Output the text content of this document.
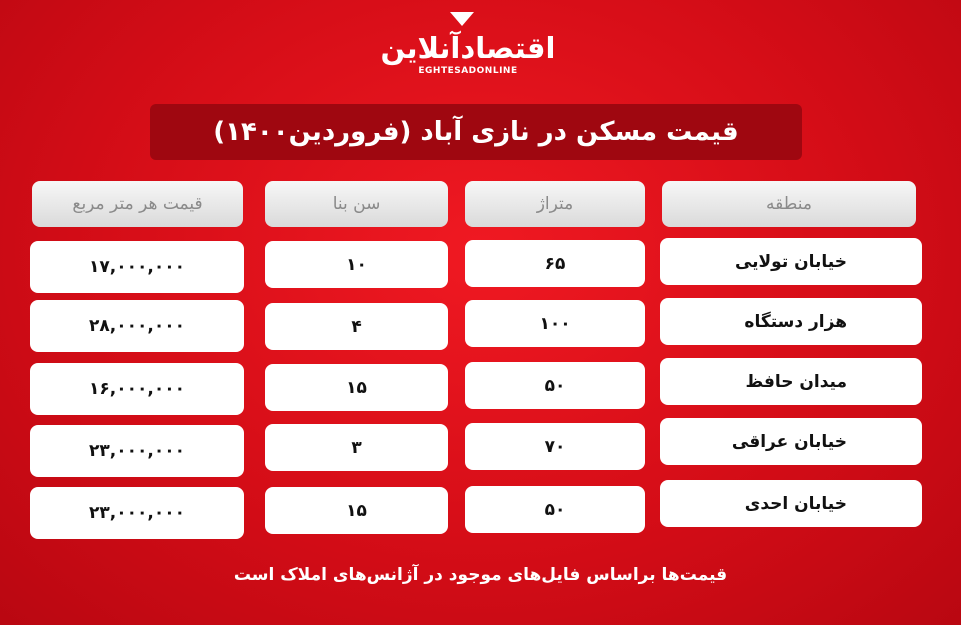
اقتصادآنلاین
EGHTESADONLINE
قیمت مسکن در نازی آباد (فروردین۱۴۰۰)
منطقه
متراژ
سن بنا
قیمت هر متر مربع
خیابان تولایی
۶۵
۱۰
۱۷,۰۰۰,۰۰۰
هزار دستگاه
۱۰۰
۴
۲۸,۰۰۰,۰۰۰
میدان حافظ
۵۰
۱۵
۱۶,۰۰۰,۰۰۰
خیابان عراقی
۷۰
۳
۲۳,۰۰۰,۰۰۰
خیابان احدی
۵۰
۱۵
۲۳,۰۰۰,۰۰۰
قیمت‌ها براساس فایل‌های موجود در آژانس‌های املاک است
